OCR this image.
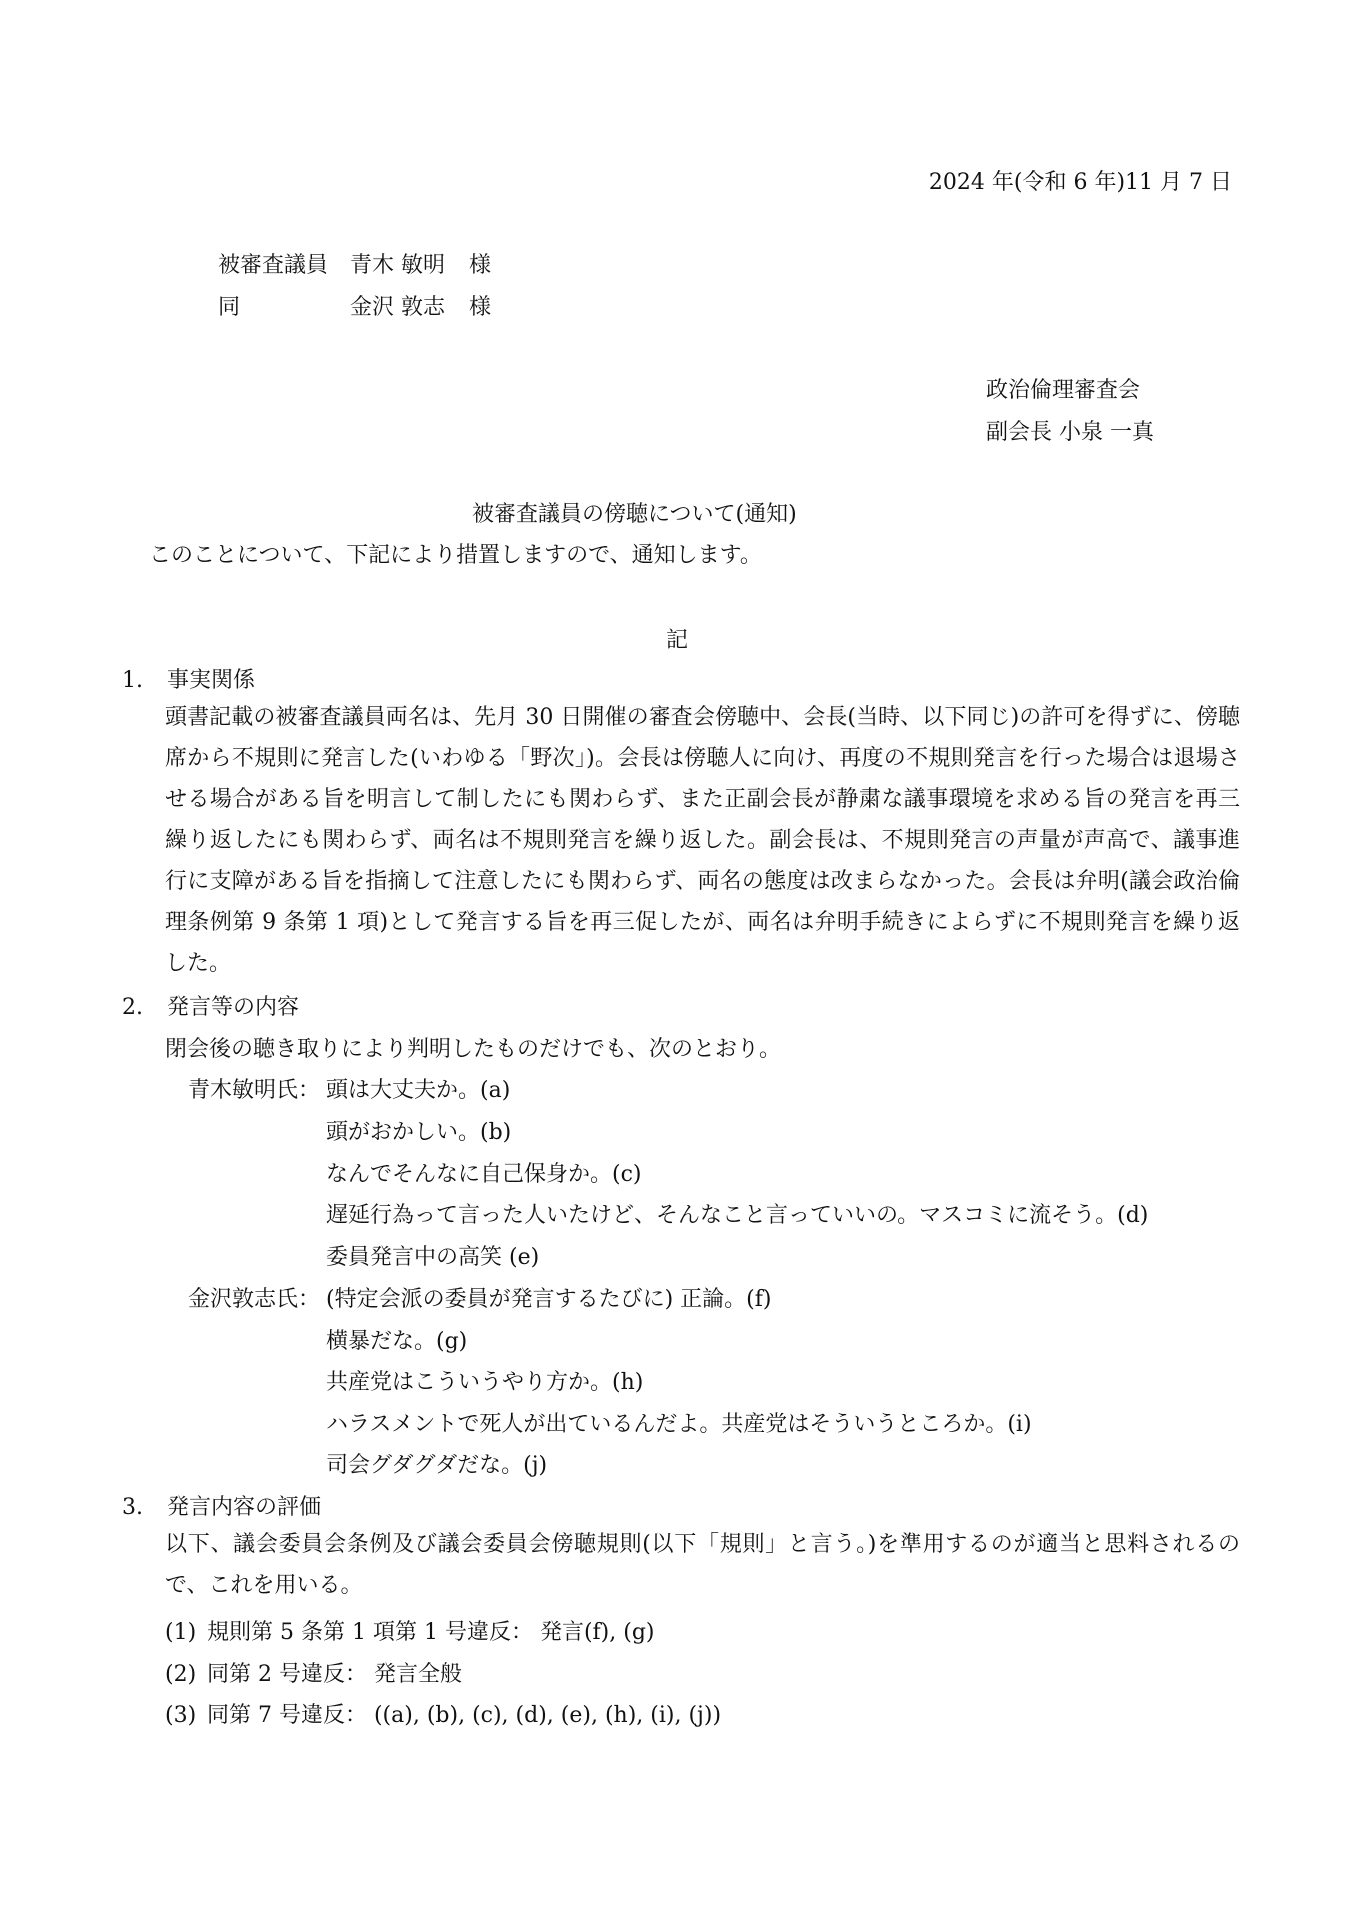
2024 年(令和 6 年)11 月 7 日
被審査議員 青木 敏明 様
同	金沢 敦志 様
政治倫理審査会
副会長 小泉 一真
被審査議員の傍聴について(通知)
このことについて、下記により措置しますので、通知します。
記
1. 事実関係

頭書記載の被審査議員両名は、先月 30 日開催の審査会傍聴中、会長(当時、以下同じ)の許可を得ずに、傍聴席から不規則に発言した(いわゆる「野次」)。会長は傍聴人に向け、再度の不規則発言を行った場合は退場させる場合がある旨を明言して制したにも関わらず、また正副会長が静粛な議事環境を求める旨の発言を再三繰り返したにも関わらず、両名は不規則発言を繰り返した。副会長は、不規則発言の声量が声高で、議事進行に支障がある旨を指摘して注意したにも関わらず、両名の態度は改まらなかった。会長は弁明(議会政治倫理条例第 9 条第 1 項)として発言する旨を再三促したが、両名は弁明手続きによらずに不規則発言を繰り返した。

2. 発言等の内容
閉会後の聴き取りにより判明したものだけでも、次のとおり。
青木敏明氏： 頭は大丈夫か。(a)
頭がおかしい。(b)
なんでそんなに自己保身か。(c)
遅延行為って言った人いたけど、そんなこと言っていいの。マスコミに流そう。(d)
委員発言中の高笑 (e)
金沢敦志氏： (特定会派の委員が発言するたびに) 正論。(f)
横暴だな。(g)
共産党はこういうやり方か。(h)
ハラスメントで死人が出ているんだよ。共産党はそういうところか。(i)
司会グダグダだな。(j)
3. 発言内容の評価

以下、議会委員会条例及び議会委員会傍聴規則(以下「規則」と言う。)を準用するのが適当と思料されるので、これを用いる。

(1) 規則第 5 条第 1 項第 1 号違反： 発言(f), (g)
(2) 同第 2 号違反： 発言全般
(3) 同第 7 号違反： ((a), (b), (c), (d), (e), (h), (i), (j))
